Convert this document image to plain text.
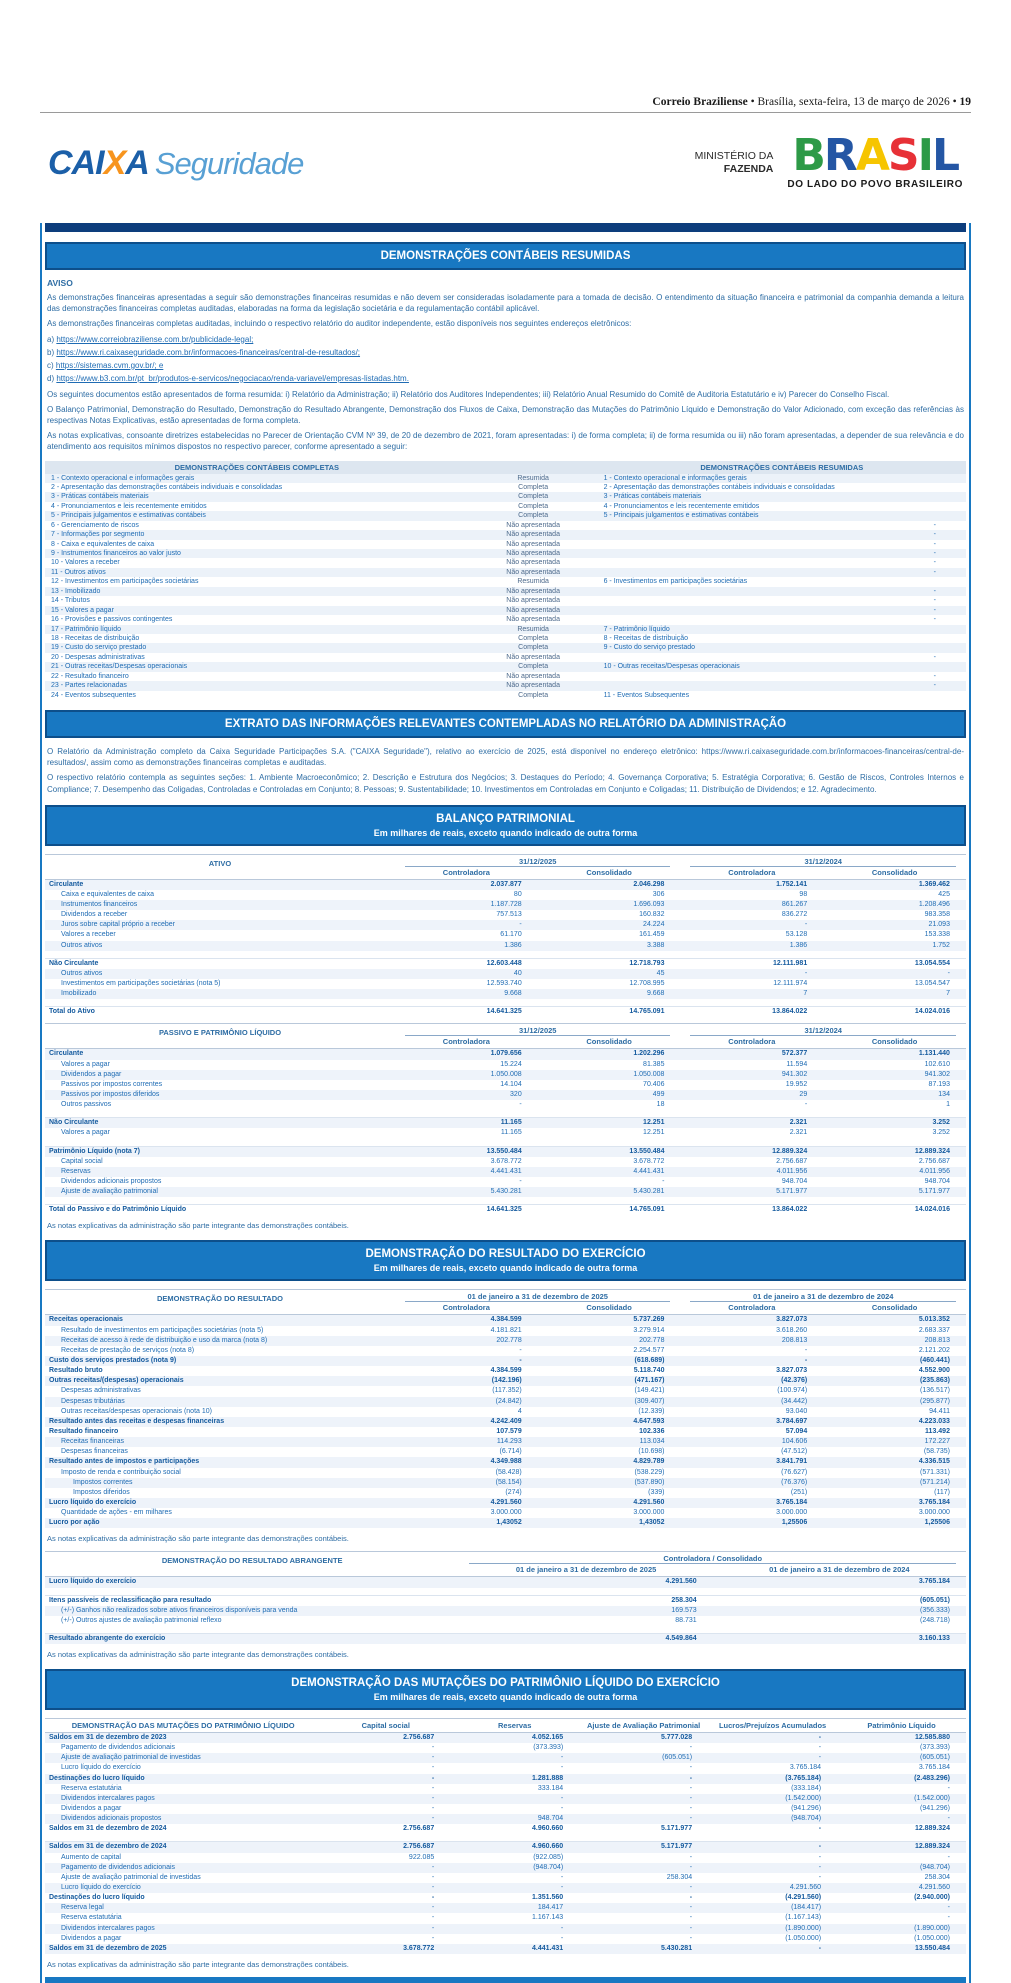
Correio Braziliense • Brasília, sexta-feira, 13 de março de 2026 • 19
CAIXA Seguridade	MINISTÉRIO DA
FAZENDA BRASIL
DO LADO DO POVO BRASILEIRO
DEMONSTRAÇÕES CONTÁBEIS RESUMIDAS
AVISO
As demonstrações financeiras apresentadas a seguir são demonstrações financeiras resumidas e não devem ser consideradas isoladamente para a tomada de decisão. O entendimento da situação financeira e patrimonial da companhia demanda a leitura das demonstrações financeiras completas auditadas, elaboradas na forma da legislação societária e da regulamentação contábil aplicável.
As demonstrações financeiras completas auditadas, incluindo o respectivo relatório do auditor independente, estão disponíveis nos seguintes endereços eletrônicos:
a) https://www.correiobraziliense.com.br/publicidade-legal;
b) https://www.ri.caixaseguridade.com.br/informacoes-financeiras/central-de-resultados/;
c) https://sistemas.cvm.gov.br/; e
d) https://www.b3.com.br/pt_br/produtos-e-servicos/negociacao/renda-variavel/empresas-listadas.htm.
Os seguintes documentos estão apresentados de forma resumida: i) Relatório da Administração; ii) Relatório dos Auditores Independentes; iii) Relatório Anual Resumido do Comitê de Auditoria Estatutário e iv) Parecer do Conselho Fiscal.
O Balanço Patrimonial, Demonstração do Resultado, Demonstração do Resultado Abrangente, Demonstração dos Fluxos de Caixa, Demonstração das Mutações do Patrimônio Líquido e Demonstração do Valor Adicionado, com exceção das referências às respectivas Notas Explicativas, estão apresentadas de forma completa.
As notas explicativas, consoante diretrizes estabelecidas no Parecer de Orientação CVM Nº 39, de 20 de dezembro de 2021, foram apresentadas: i) de forma completa; ii) de forma resumida ou iii) não foram apresentadas, a depender de sua relevância e do atendimento aos requisitos mínimos dispostos no respectivo parecer, conforme apresentado a seguir:
DEMONSTRAÇÕES CONTÁBEIS COMPLETAS	DEMONSTRAÇÕES CONTÁBEIS RESUMIDAS
1 - Contexto operacional e informações gerais	Resumida	1 - Contexto operacional e informações gerais
2 - Apresentação das demonstrações contábeis individuais e consolidadas	Completa	2 - Apresentação das demonstrações contábeis individuais e consolidadas
3 - Práticas contábeis materiais	Completa	3 - Práticas contábeis materiais
4 - Pronunciamentos e leis recentemente emitidos	Completa	4 - Pronunciamentos e leis recentemente emitidos
5 - Principais julgamentos e estimativas contábeis	Completa	5 - Principais julgamentos e estimativas contábeis
6 - Gerenciamento de riscos	Não apresentada	-
7 - Informações por segmento	Não apresentada	-
8 - Caixa e equivalentes de caixa	Não apresentada	-
9 - Instrumentos financeiros ao valor justo	Não apresentada	-
10 - Valores a receber	Não apresentada	-
11 - Outros ativos	Não apresentada	-
12 - Investimentos em participações societárias	Resumida	6 - Investimentos em participações societárias
13 - Imobilizado	Não apresentada	-
14 - Tributos	Não apresentada	-
15 - Valores a pagar	Não apresentada	-
16 - Provisões e passivos contingentes	Não apresentada	-
17 - Patrimônio líquido	Resumida	7 - Patrimônio líquido
18 - Receitas de distribuição	Completa	8 - Receitas de distribuição
19 - Custo do serviço prestado	Completa	9 - Custo do serviço prestado
20 - Despesas administrativas	Não apresentada	-
21 - Outras receitas/Despesas operacionais	Completa	10 - Outras receitas/Despesas operacionais
22 - Resultado financeiro	Não apresentada	-
23 - Partes relacionadas	Não apresentada	-
24 - Eventos subsequentes	Completa	11 - Eventos Subsequentes
EXTRATO DAS INFORMAÇÕES RELEVANTES CONTEMPLADAS NO RELATÓRIO DA ADMINISTRAÇÃO
O Relatório da Administração completo da Caixa Seguridade Participações S.A. ("CAIXA Seguridade"), relativo ao exercício de 2025, está disponível no endereço eletrônico: https://www.ri.caixaseguridade.com.br/informacoes-financeiras/central-de-resultados/, assim como as demonstrações financeiras completas e auditadas.
O respectivo relatório contempla as seguintes seções: 1. Ambiente Macroeconômico; 2. Descrição e Estrutura dos Negócios; 3. Destaques do Período; 4. Governança Corporativa; 5. Estratégia Corporativa; 6. Gestão de Riscos, Controles Internos e Compliance; 7. Desempenho das Coligadas, Controladas e Controladas em Conjunto; 8. Pessoas; 9. Sustentabilidade; 10. Investimentos em Controladas em Conjunto e Coligadas; 11. Distribuição de Dividendos; e 12. Agradecimento.
BALANÇO PATRIMONIAL
Em milhares de reais, exceto quando indicado de outra forma
ATIVO	31/12/2025	31/12/2024
Controladora	Consolidado	Controladora	Consolidado
Circulante	2.037.877	2.046.298	1.752.141	1.369.462
Caixa e equivalentes de caixa	80	306	98	425
Instrumentos financeiros	1.187.728	1.696.093	861.267	1.208.496
Dividendos a receber	757.513	160.832	836.272	983.358
Juros sobre capital próprio a receber	-	24.224	-	21.093
Valores a receber	61.170	161.459	53.128	153.338
Outros ativos	1.386	3.388	1.386	1.752
Não Circulante	12.603.448	12.718.793	12.111.981	13.054.554
Outros ativos	40	45	-	-
Investimentos em participações societárias (nota 5)	12.593.740	12.708.995	12.111.974	13.054.547
Imobilizado	9.668	9.668	7	7
Total do Ativo	14.641.325	14.765.091	13.864.022	14.024.016
PASSIVO E PATRIMÔNIO LÍQUIDO	31/12/2025	31/12/2024
Controladora	Consolidado	Controladora	Consolidado
Circulante	1.079.656	1.202.296	572.377	1.131.440
Valores a pagar	15.224	81.385	11.594	102.610
Dividendos a pagar	1.050.008	1.050.008	941.302	941.302
Passivos por impostos correntes	14.104	70.406	19.952	87.193
Passivos por impostos diferidos	320	499	29	134
Outros passivos	-	18	-	1
Não Circulante	11.165	12.251	2.321	3.252
Valores a pagar	11.165	12.251	2.321	3.252
Patrimônio Líquido (nota 7)	13.550.484	13.550.484	12.889.324	12.889.324
Capital social	3.678.772	3.678.772	2.756.687	2.756.687
Reservas	4.441.431	4.441.431	4.011.956	4.011.956
Dividendos adicionais propostos	-	-	948.704	948.704
Ajuste de avaliação patrimonial	5.430.281	5.430.281	5.171.977	5.171.977
Total do Passivo e do Patrimônio Líquido	14.641.325	14.765.091	13.864.022	14.024.016
As notas explicativas da administração são parte integrante das demonstrações contábeis.
DEMONSTRAÇÃO DO RESULTADO DO EXERCÍCIO
Em milhares de reais, exceto quando indicado de outra forma
DEMONSTRAÇÃO DO RESULTADO	01 de janeiro a 31 de dezembro de 2025	01 de janeiro a 31 de dezembro de 2024
Controladora	Consolidado	Controladora	Consolidado
Receitas operacionais	4.384.599	5.737.269	3.827.073	5.013.352
Resultado de investimentos em participações societárias (nota 5)	4.181.821	3.279.914	3.618.260	2.683.337
Receitas de acesso à rede de distribuição e uso da marca (nota 8)	202.778	202.778	208.813	208.813
Receitas de prestação de serviços (nota 8)	-	2.254.577	-	2.121.202
Custo dos serviços prestados (nota 9)	-	(618.689)	-	(460.441)
Resultado bruto	4.384.599	5.118.740	3.827.073	4.552.900
Outras receitas/(despesas) operacionais	(142.196)	(471.167)	(42.376)	(235.863)
Despesas administrativas	(117.352)	(149.421)	(100.974)	(136.517)
Despesas tributárias	(24.842)	(309.407)	(34.442)	(295.877)
Outras receitas/despesas operacionais (nota 10)	4	(12.339)	93.040	94.411
Resultado antes das receitas e despesas financeiras	4.242.409	4.647.593	3.784.697	4.223.033
Resultado financeiro	107.579	102.336	57.094	113.492
Receitas financeiras	114.293	113.034	104.606	172.227
Despesas financeiras	(6.714)	(10.698)	(47.512)	(58.735)
Resultado antes de impostos e participações	4.349.988	4.829.789	3.841.791	4.336.515
Imposto de renda e contribuição social	(58.428)	(538.229)	(76.627)	(571.331)
Impostos correntes	(58.154)	(537.890)	(76.376)	(571.214)
Impostos diferidos	(274)	(339)	(251)	(117)
Lucro líquido do exercício	4.291.560	4.291.560	3.765.184	3.765.184
Quantidade de ações - em milhares	3.000.000	3.000.000	3.000.000	3.000.000
Lucro por ação	1,43052	1,43052	1,25506	1,25506
As notas explicativas da administração são parte integrante das demonstrações contábeis.
DEMONSTRAÇÃO DO RESULTADO ABRANGENTE	Controladora / Consolidado
01 de janeiro a 31 de dezembro de 2025	01 de janeiro a 31 de dezembro de 2024
Lucro líquido do exercício	4.291.560	3.765.184
Itens passíveis de reclassificação para resultado	258.304	(605.051)
(+/-) Ganhos não realizados sobre ativos financeiros disponíveis para venda	169.573	(356.333)
(+/-) Outros ajustes de avaliação patrimonial reflexo	88.731	(248.718)
Resultado abrangente do exercício	4.549.864	3.160.133
As notas explicativas da administração são parte integrante das demonstrações contábeis.
DEMONSTRAÇÃO DAS MUTAÇÕES DO PATRIMÔNIO LÍQUIDO DO EXERCÍCIO
Em milhares de reais, exceto quando indicado de outra forma
DEMONSTRAÇÃO DAS MUTAÇÕES DO PATRIMÔNIO LÍQUIDO	Capital social	Reservas	Ajuste de Avaliação Patrimonial	Lucros/Prejuízos Acumulados	Patrimônio Líquido
Saldos em 31 de dezembro de 2023	2.756.687	4.052.165	5.777.028	-	12.585.880
Pagamento de dividendos adicionais	-	(373.393)	-	-	(373.393)
Ajuste de avaliação patrimonial de investidas	-	-	(605.051)	-	(605.051)
Lucro líquido do exercício	-	-	-	3.765.184	3.765.184
Destinações do lucro líquido	-	1.281.888	-	(3.765.184)	(2.483.296)
Reserva estatutária	-	333.184	-	(333.184)	-
Dividendos intercalares pagos	-	-	-	(1.542.000)	(1.542.000)
Dividendos a pagar	-	-	-	(941.296)	(941.296)
Dividendos adicionais propostos	-	948.704	-	(948.704)	-
Saldos em 31 de dezembro de 2024	2.756.687	4.960.660	5.171.977	-	12.889.324
Saldos em 31 de dezembro de 2024	2.756.687	4.960.660	5.171.977	-	12.889.324
Aumento de capital	922.085	(922.085)	-	-	-
Pagamento de dividendos adicionais	-	(948.704)	-	-	(948.704)
Ajuste de avaliação patrimonial de investidas	-	-	258.304	-	258.304
Lucro líquido do exercício	-	-	-	4.291.560	4.291.560
Destinações do lucro líquido	-	1.351.560	-	(4.291.560)	(2.940.000)
Reserva legal	-	184.417	-	(184.417)	-
Reserva estatutária	-	1.167.143	-	(1.167.143)	-
Dividendos intercalares pagos	-	-	-	(1.890.000)	(1.890.000)
Dividendos a pagar	-	-	-	(1.050.000)	(1.050.000)
Saldos em 31 de dezembro de 2025	3.678.772	4.441.431	5.430.281	-	13.550.484
As notas explicativas da administração são parte integrante das demonstrações contábeis.
